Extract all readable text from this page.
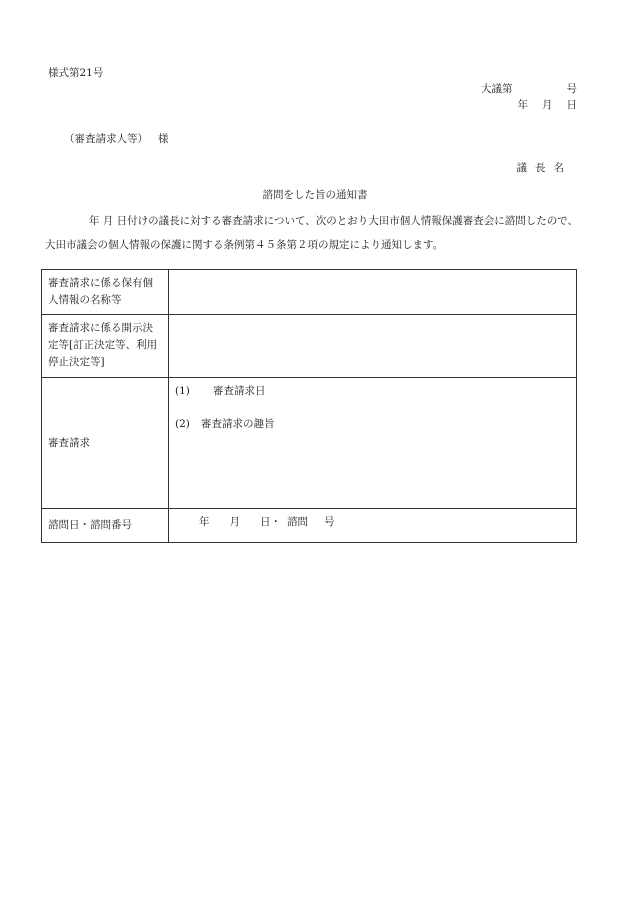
様式第21号
大議第	号
年 月 日
（審査請求人等） 様
議長名
諮問をした旨の通知書
年 月 日付けの議長に対する審査請求について、次のとおり大田市個人情報保護審査会に諮問したので、大田市議会の個人情報の保護に関する条例第４５条第２項の規定により通知します。
審査請求に係る保有個人情報の名称等	
審査請求に係る開示決定等[訂正決定等、利用停止決定等]	
審査請求	(1) 審査請求日
(2) 審査請求の趣旨

諮問日・諮問番号	年 月 日・ 諮問 号
